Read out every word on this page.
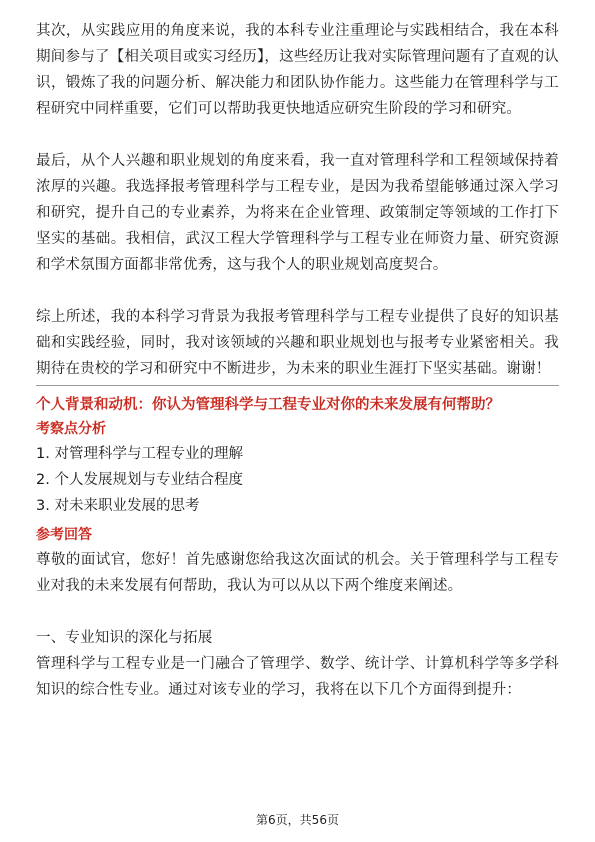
其次，从实践应用的角度来说，我的本科专业注重理论与实践相结合，我在本科期间参与了【相关项目或实习经历】，这些经历让我对实际管理问题有了直观的认识，锻炼了我的问题分析、解决能力和团队协作能力。这些能力在管理科学与工程研究中同样重要，它们可以帮助我更快地适应研究生阶段的学习和研究。

最后，从个人兴趣和职业规划的角度来看，我一直对管理科学和工程领域保持着浓厚的兴趣。我选择报考管理科学与工程专业，是因为我希望能够通过深入学习和研究，提升自己的专业素养，为将来在企业管理、政策制定等领域的工作打下坚实的基础。我相信，武汉工程大学管理科学与工程专业在师资力量、研究资源和学术氛围方面都非常优秀，这与我个人的职业规划高度契合。

综上所述，我的本科学习背景为我报考管理科学与工程专业提供了良好的知识基础和实践经验，同时，我对该领域的兴趣和职业规划也与报考专业紧密相关。我期待在贵校的学习和研究中不断进步，为未来的职业生涯打下坚实基础。谢谢！

个人背景和动机：你认为管理科学与工程专业对你的未来发展有何帮助？

考察点分析

1. 对管理科学与工程专业的理解

2. 个人发展规划与专业结合程度

3. 对未来职业发展的思考

参考回答

尊敬的面试官，您好！首先感谢您给我这次面试的机会。关于管理科学与工程专业对我的未来发展有何帮助，我认为可以从以下两个维度来阐述。

一、专业知识的深化与拓展

管理科学与工程专业是一门融合了管理学、数学、统计学、计算机科学等多学科知识的综合性专业。通过对该专业的学习，我将在以下几个方面得到提升：

第6页，共56页
